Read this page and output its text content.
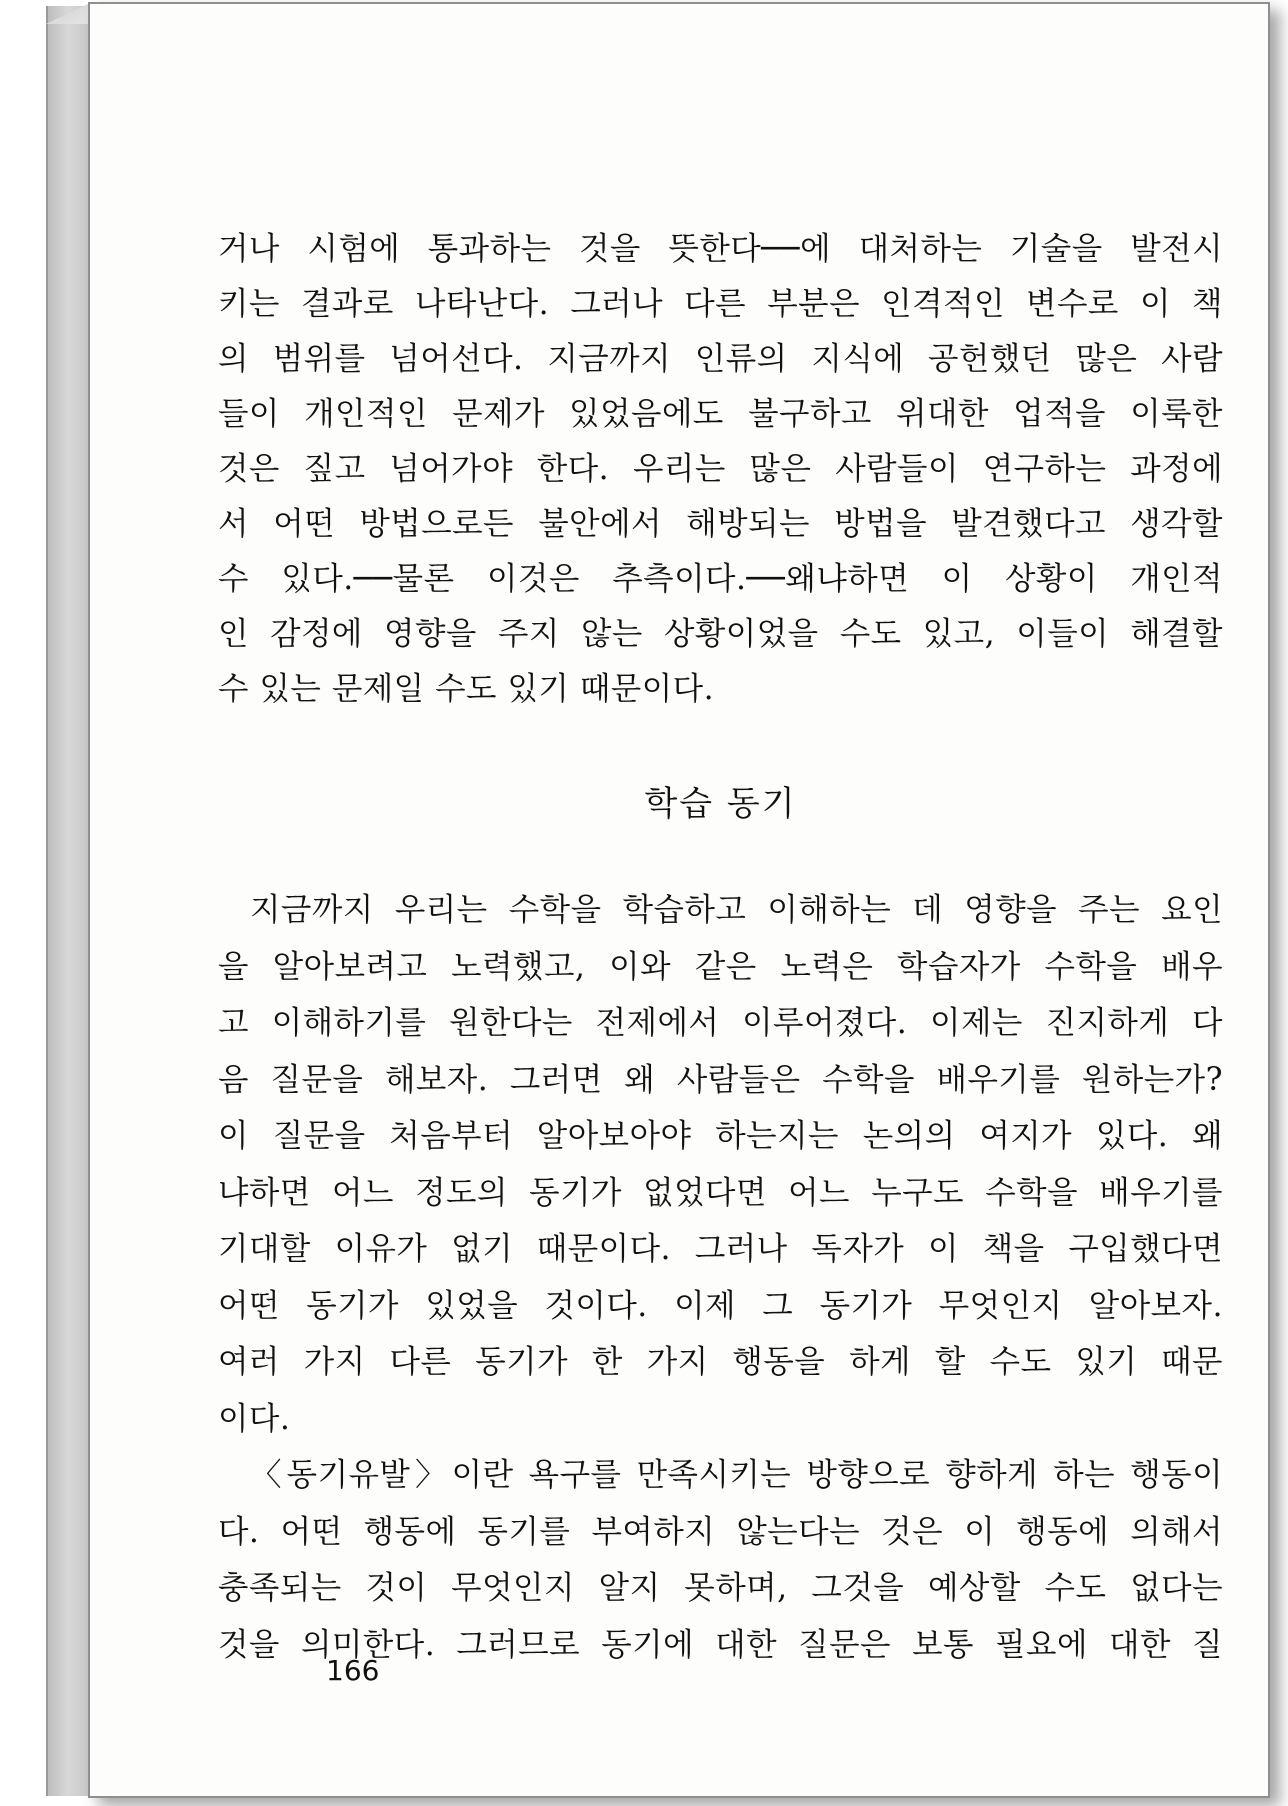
거나 시험에 통과하는 것을 뜻한다──에 대처하는 기술을 발전시
키는 결과로 나타난다. 그러나 다른 부분은 인격적인 변수로 이 책
의 범위를 넘어선다. 지금까지 인류의 지식에 공헌했던 많은 사람
들이 개인적인 문제가 있었음에도 불구하고 위대한 업적을 이룩한
것은 짚고 넘어가야 한다. 우리는 많은 사람들이 연구하는 과정에
서 어떤 방법으로든 불안에서 해방되는 방법을 발견했다고 생각할
수 있다.──물론 이것은 추측이다.──왜냐하면 이 상황이 개인적
인 감정에 영향을 주지 않는 상황이었을 수도 있고, 이들이 해결할
수 있는 문제일 수도 있기 때문이다.
학습 동기
지금까지 우리는 수학을 학습하고 이해하는 데 영향을 주는 요인
을 알아보려고 노력했고, 이와 같은 노력은 학습자가 수학을 배우
고 이해하기를 원한다는 전제에서 이루어졌다. 이제는 진지하게 다
음 질문을 해보자. 그러면 왜 사람들은 수학을 배우기를 원하는가?
이 질문을 처음부터 알아보아야 하는지는 논의의 여지가 있다. 왜
냐하면 어느 정도의 동기가 없었다면 어느 누구도 수학을 배우기를
기대할 이유가 없기 때문이다. 그러나 독자가 이 책을 구입했다면
어떤 동기가 있었을 것이다. 이제 그 동기가 무엇인지 알아보자.
여러 가지 다른 동기가 한 가지 행동을 하게 할 수도 있기 때문
이다.
〈동기유발〉이란 욕구를 만족시키는 방향으로 향하게 하는 행동이
다. 어떤 행동에 동기를 부여하지 않는다는 것은 이 행동에 의해서
충족되는 것이 무엇인지 알지 못하며, 그것을 예상할 수도 없다는
것을 의미한다. 그러므로 동기에 대한 질문은 보통 필요에 대한 질
166
